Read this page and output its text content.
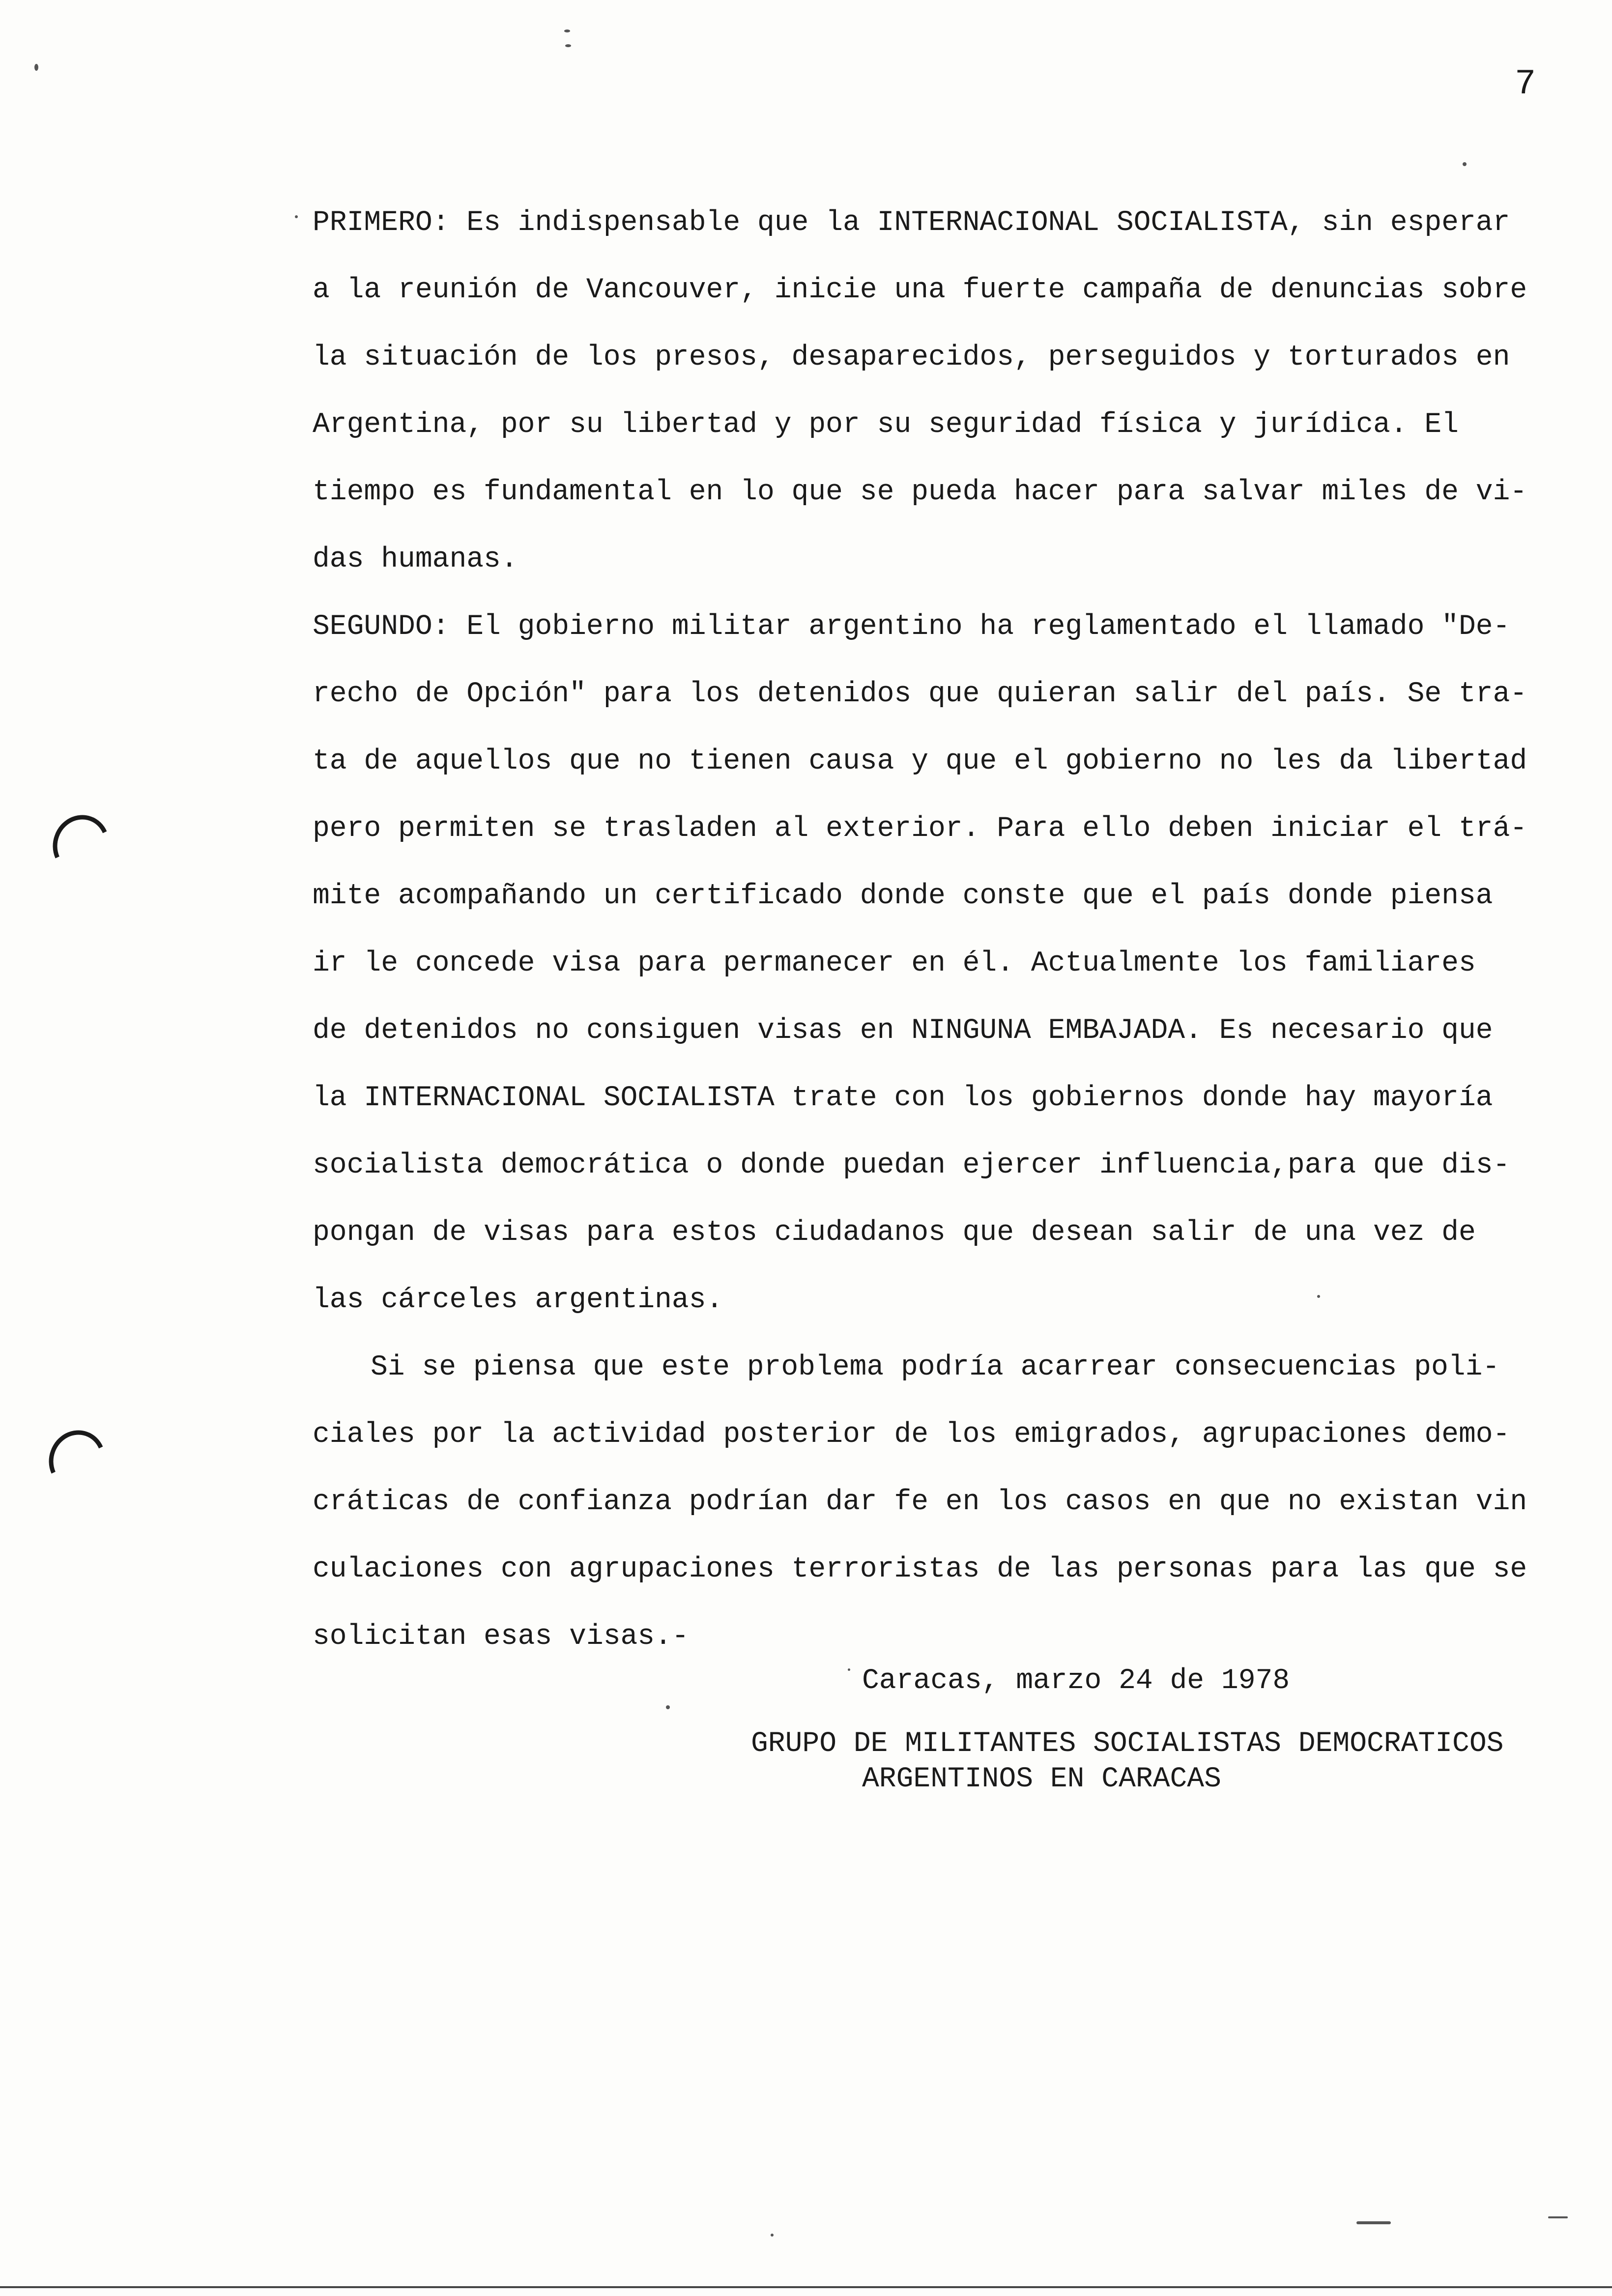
7
PRIMERO: Es indispensable que la INTERNACIONAL SOCIALISTA, sin esperar
a la reunión de Vancouver, inicie una fuerte campaña de denuncias sobre
la situación de los presos, desaparecidos, perseguidos y torturados en
Argentina, por su libertad y por su seguridad física y jurídica. El
tiempo es fundamental en lo que se pueda hacer para salvar miles de vi-
das humanas.
SEGUNDO: El gobierno militar argentino ha reglamentado el llamado "De-
recho de Opción" para los detenidos que quieran salir del país. Se tra-
ta de aquellos que no tienen causa y que el gobierno no les da libertad
pero permiten se trasladen al exterior. Para ello deben iniciar el trá-
mite acompañando un certificado donde conste que el país donde piensa
ir le concede visa para permanecer en él. Actualmente los familiares
de detenidos no consiguen visas en NINGUNA EMBAJADA. Es necesario que
la INTERNACIONAL SOCIALISTA trate con los gobiernos donde hay mayoría
socialista democrática o donde puedan ejercer influencia,para que dis-
pongan de visas para estos ciudadanos que desean salir de una vez de
las cárceles argentinas.
Si se piensa que este problema podría acarrear consecuencias poli-
ciales por la actividad posterior de los emigrados, agrupaciones demo-
cráticas de confianza podrían dar fe en los casos en que no existan vin
culaciones con agrupaciones terroristas de las personas para las que se
solicitan esas visas.-
Caracas, marzo 24 de 1978
GRUPO DE MILITANTES SOCIALISTAS DEMOCRATICOS
ARGENTINOS EN CARACAS
